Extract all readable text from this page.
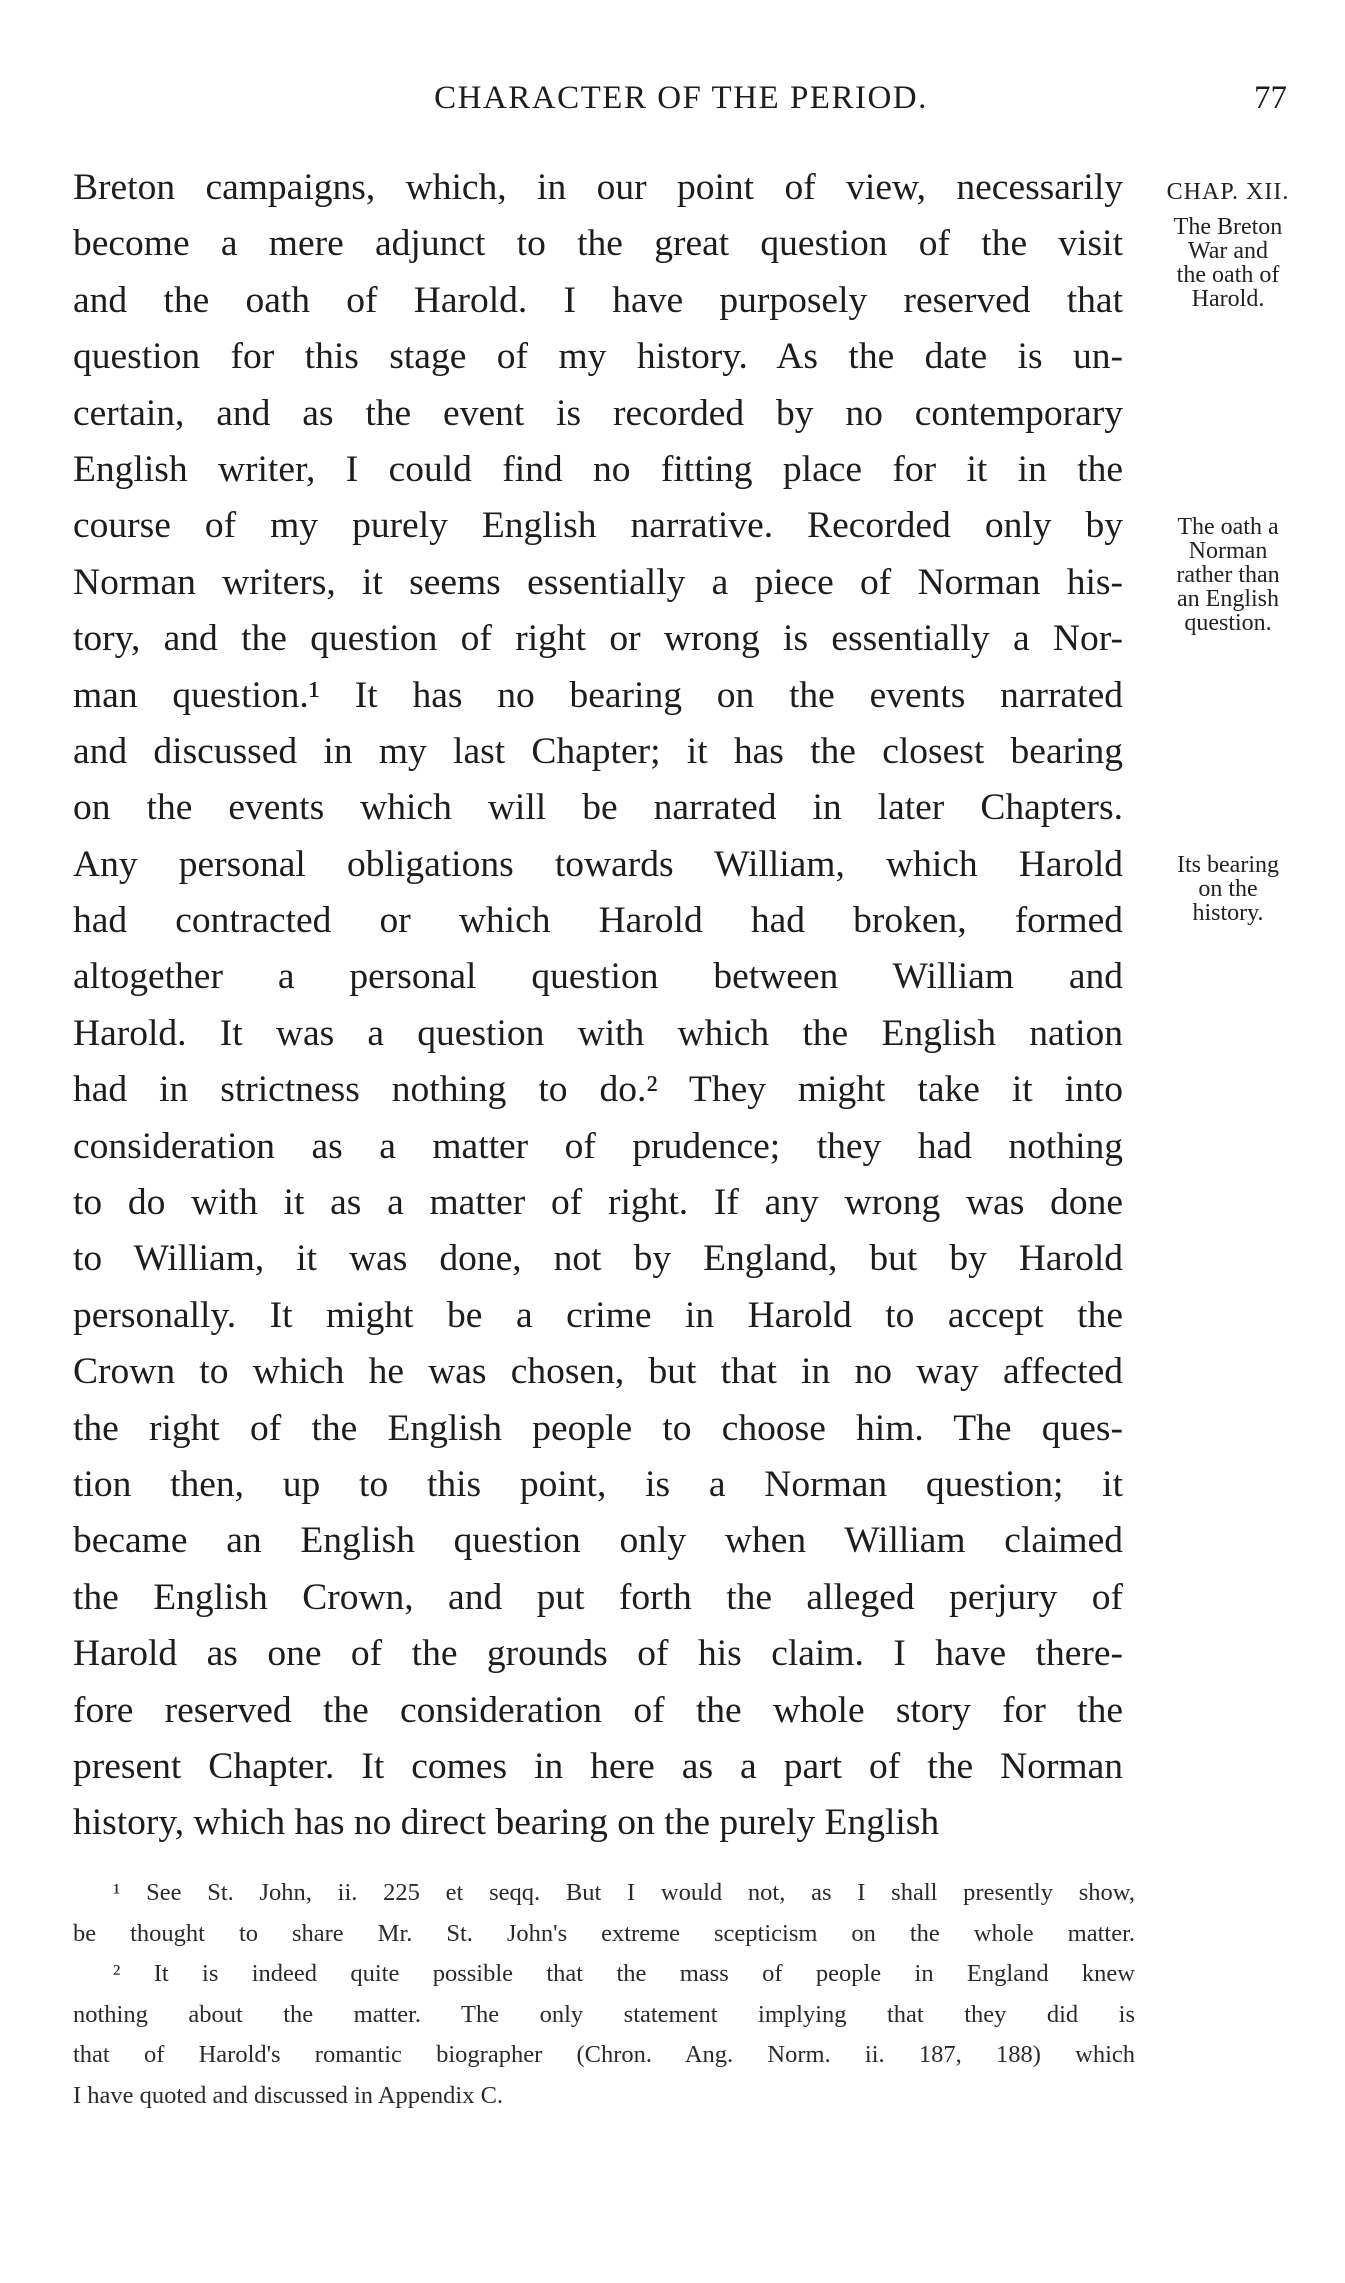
CHARACTER OF THE PERIOD.	77
Breton campaigns, which, in our point of view, necessarily
become a mere adjunct to the great question of the visit
and the oath of Harold. I have purposely reserved that
question for this stage of my history. As the date is un-
certain, and as the event is recorded by no contemporary
English writer, I could find no fitting place for it in the
course of my purely English narrative. Recorded only by
Norman writers, it seems essentially a piece of Norman his-
tory, and the question of right or wrong is essentially a Nor-
man question.¹ It has no bearing on the events narrated
and discussed in my last Chapter; it has the closest bearing
on the events which will be narrated in later Chapters.
Any personal obligations towards William, which Harold
had contracted or which Harold had broken, formed
altogether a personal question between William and
Harold. It was a question with which the English nation
had in strictness nothing to do.² They might take it into
consideration as a matter of prudence; they had nothing
to do with it as a matter of right. If any wrong was done
to William, it was done, not by England, but by Harold
personally. It might be a crime in Harold to accept the
Crown to which he was chosen, but that in no way affected
the right of the English people to choose him. The ques-
tion then, up to this point, is a Norman question; it
became an English question only when William claimed
the English Crown, and put forth the alleged perjury of
Harold as one of the grounds of his claim. I have there-
fore reserved the consideration of the whole story for the
present Chapter. It comes in here as a part of the Norman
history, which has no direct bearing on the purely English
CHAP. XII.
The Breton
War and
the oath of
Harold.
The oath a
Norman
rather than
an English
question.
Its bearing
on the
history.
¹ See St. John, ii. 225 et seqq. But I would not, as I shall presently show,
be thought to share Mr. St. John's extreme scepticism on the whole matter.
² It is indeed quite possible that the mass of people in England knew
nothing about the matter. The only statement implying that they did is
that of Harold's romantic biographer (Chron. Ang. Norm. ii. 187, 188) which
I have quoted and discussed in Appendix C.
